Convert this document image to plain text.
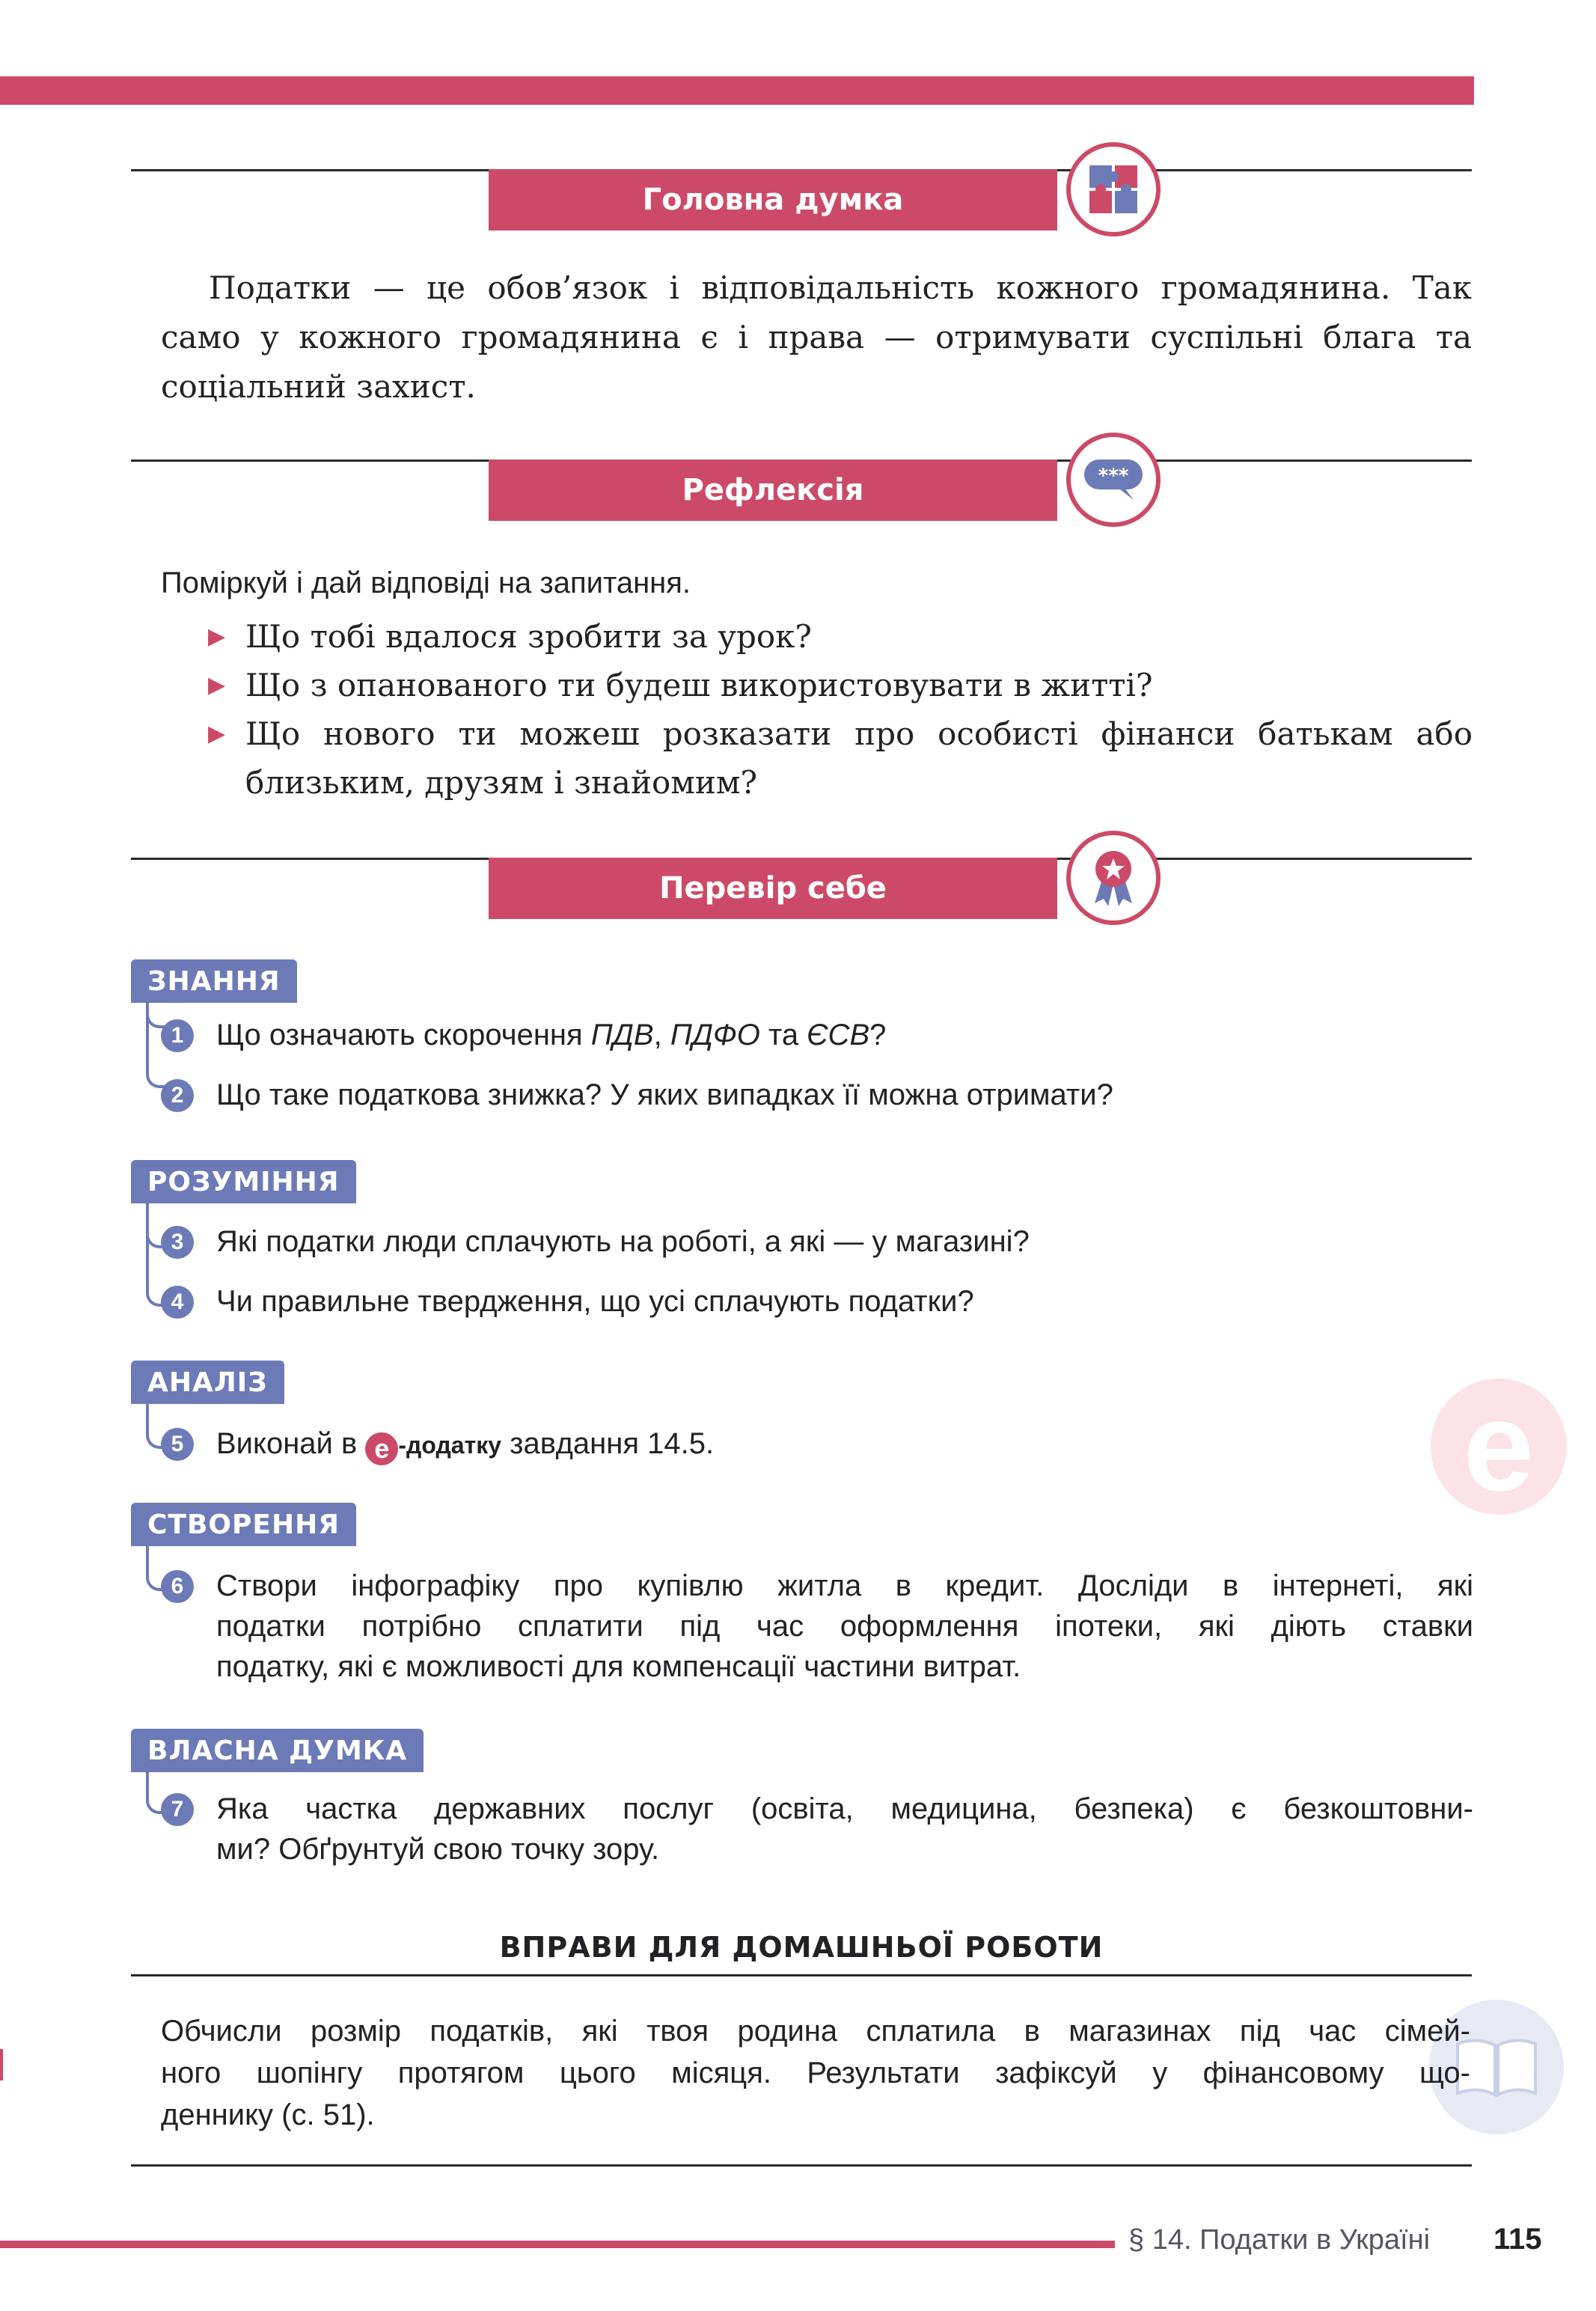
Головна думка
Податки — це обов’язок і відповідальність кожного громадянина. Так
само у кожного громадянина є і права — отримувати суспільні блага та
соціальний захист.
Рефлексія	***
Поміркуй і дай відповіді на запитання.
▶ Що тобі вдалося зробити за урок?
▶ Що з опанованого ти будеш використовувати в житті?
▶ Що нового ти можеш розказати про особисті фінанси батькам або
близьким, друзям і знайомим?
Перевір себе
ЗНАННЯ
1	Що означають скорочення ПДВ, ПДФО та ЄСВ?
2	Що таке податкова знижка? У яких випадках її можна отримати?
РОЗУМІННЯ
3	Які податки люди сплачують на роботі, а які — у магазині?
4	Чи правильне твердження, що усі сплачують податки?
АНАЛІЗ
5	Виконай в е -додатку завдання 14.5.
СТВОРЕННЯ
6	Створи інфографіку про купівлю житла в кредит. Досліди в інтернеті, які
податки потрібно сплатити під час оформлення іпотеки, які діють ставки
податку, які є можливості для компенсації частини витрат.
ВЛАСНА ДУМКА
7	Яка частка державних послуг (освіта, медицина, безпека) є безкоштовни-
ми? Обґрунтуй свою точку зору.
е
ВПРАВИ ДЛЯ ДОМАШНЬОЇ РОБОТИ
Обчисли розмір податків, які твоя родина сплатила в магазинах під час сімей-
ного шопінгу протягом цього місяця. Результати зафіксуй у фінансовому що-
деннику (с. 51).
§ 14. Податки в Україні 115
